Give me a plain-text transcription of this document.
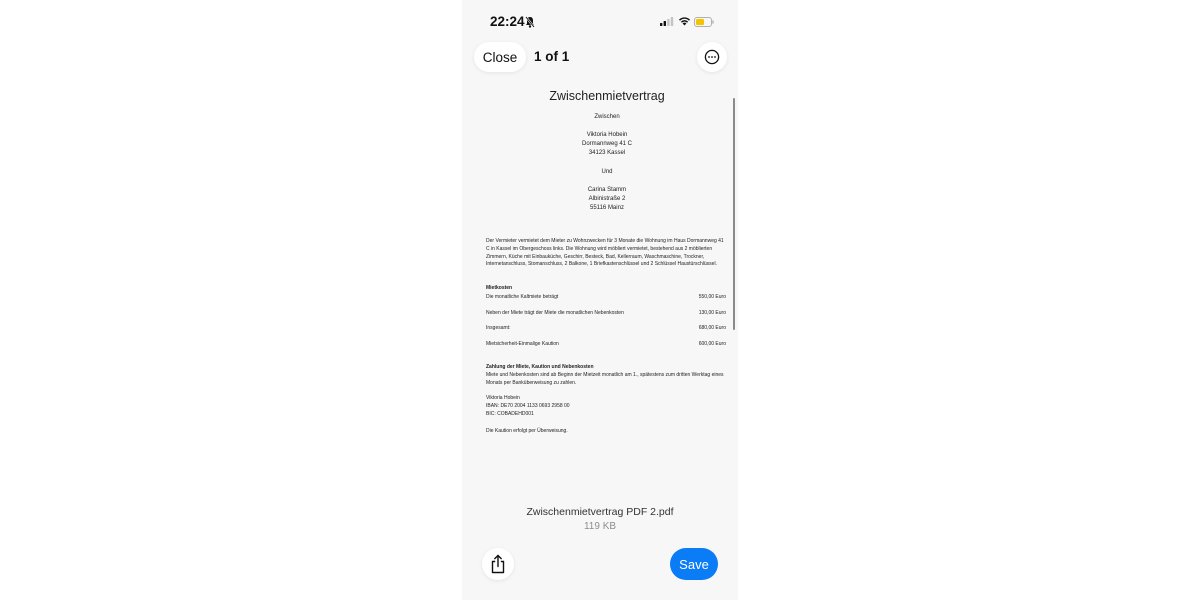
22:24
Close	1 of 1
Zwischenmietvertrag
Zwischen
Viktoria Hobein
Dormannweg 41 C
34123 Kassel
Und
Carina Stamm
Albinistraße 2
55116 Mainz
Der Vermieter vermietet dem Mieter zu Wohnzwecken für 3 Monate die Wohnung im Haus Dormannweg 41 C in Kassel im Obergeschoss links. Die Wohnung wird möbliert vermietet, bestehend aus 2 möblierten Zimmern, Küche mit Einbauküche, Geschirr, Besteck, Bad, Kellerraum, Waschmaschine, Trockner, Internetanschluss, Stomanschluss, 2 Balkone, 1 Briefkastenschlüssel und 2 Schlüssel Haustürschlüssel.
Mietkosten
Die monatliche Kaltmiete beträgt	550,00 Euro
Neben der Miete trägt der Miete die monatlichen Nebenkosten	130,00 Euro
Insgesamt:	680,00 Euro
Mietsicherheit-Einmalige Kaution	600,00 Euro
Zahlung der Miete, Kaution und Nebenkosten
Miete und Nebenkosten sind ab Beginn der Mietzeit monatlich am 1., spätestens zum dritten Werktag eines Monats per Banküberweisung zu zahlen.
Viktoria Hobein
IBAN: DE70 2004 1133 0693 2958 00
BIC: COBADEHD001
Die Kaution erfolgt per Überweisung.
Zwischenmietvertrag PDF 2.pdf
119 KB
Save
